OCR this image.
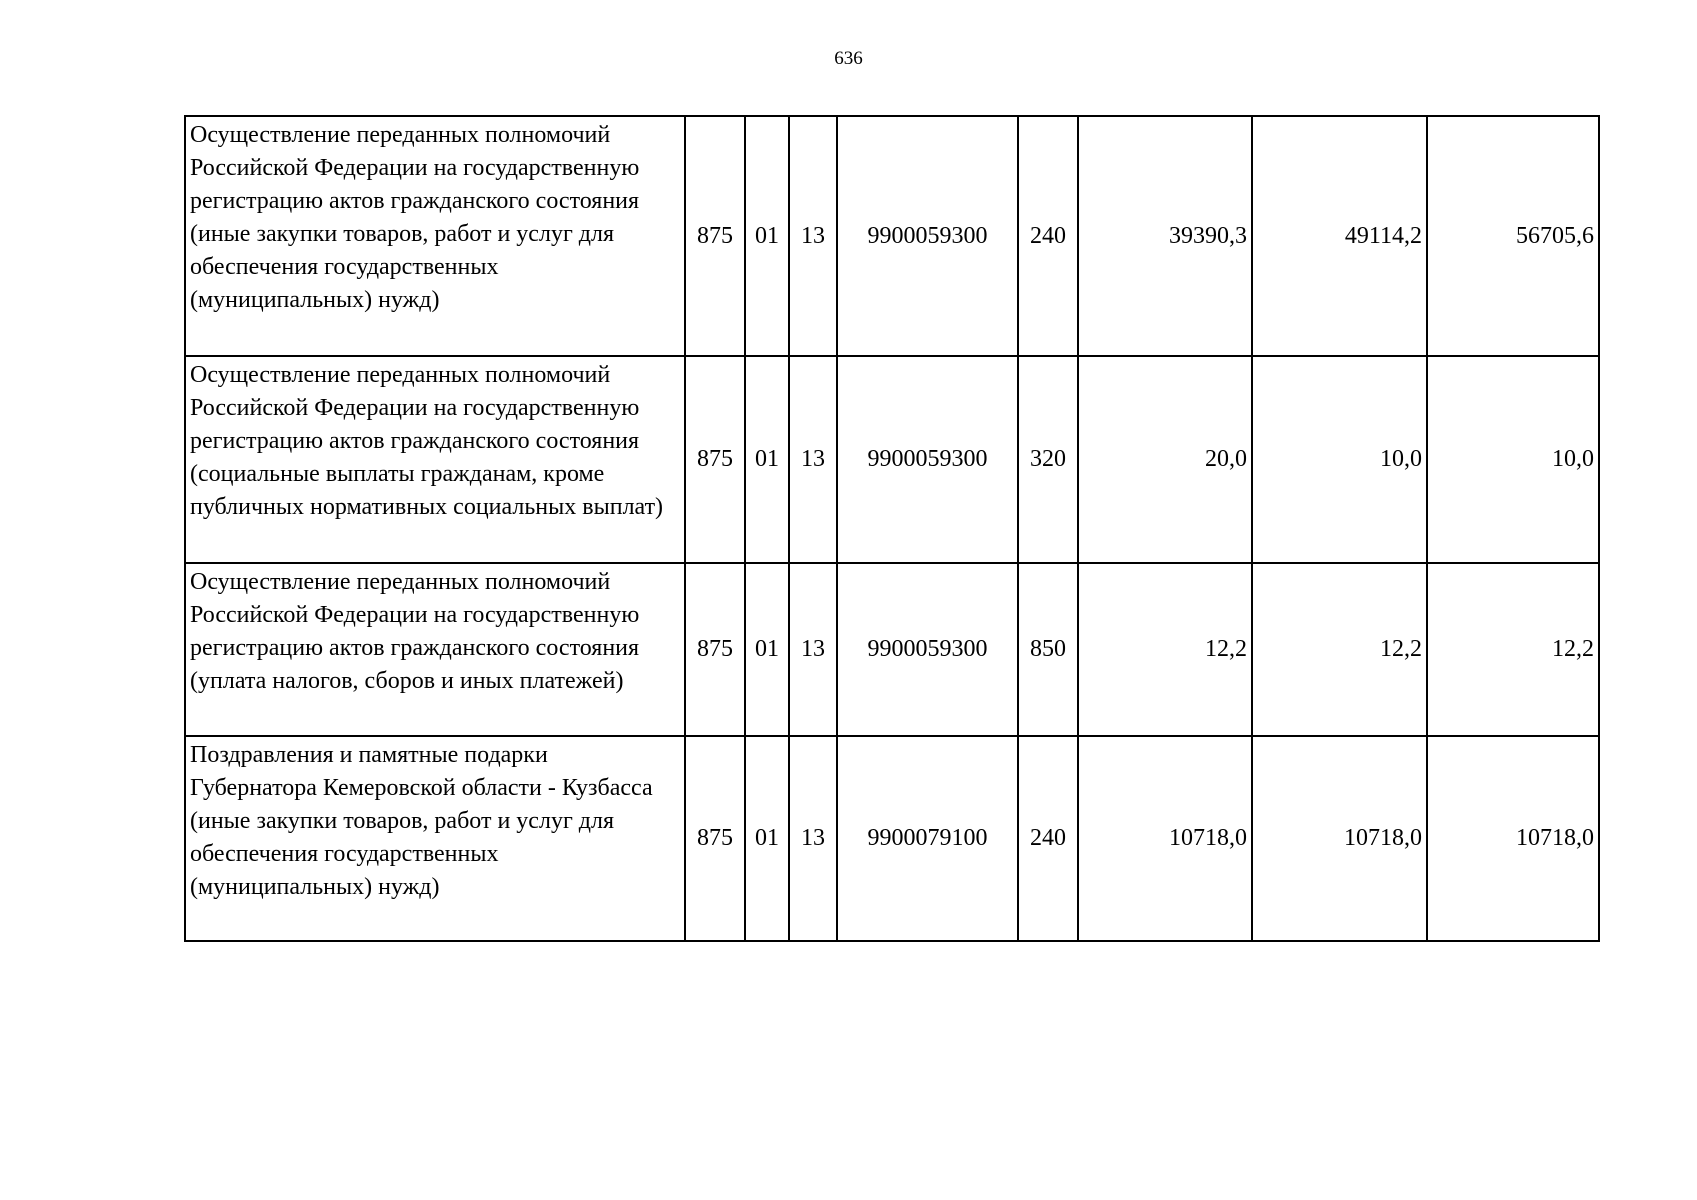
636
Осуществление переданных полномочий Российской Федерации на государственную регистрацию актов гражданского состояния (иные закупки товаров, работ и услуг для обеспечения государственных (муниципальных) нужд)	875	01	13	9900059300	240	39390,3	49114,2	56705,6
Осуществление переданных полномочий Российской Федерации на государственную регистрацию актов гражданского состояния (социальные выплаты гражданам, кроме публичных нормативных социальных выплат)	875	01	13	9900059300	320	20,0	10,0	10,0
Осуществление переданных полномочий Российской Федерации на государственную регистрацию актов гражданского состояния (уплата налогов, сборов и иных платежей)	875	01	13	9900059300	850	12,2	12,2	12,2
Поздравления и памятные подарки Губернатора Кемеровской области - Кузбасса (иные закупки товаров, работ и услуг для обеспечения государственных (муниципальных) нужд)	875	01	13	9900079100	240	10718,0	10718,0	10718,0
